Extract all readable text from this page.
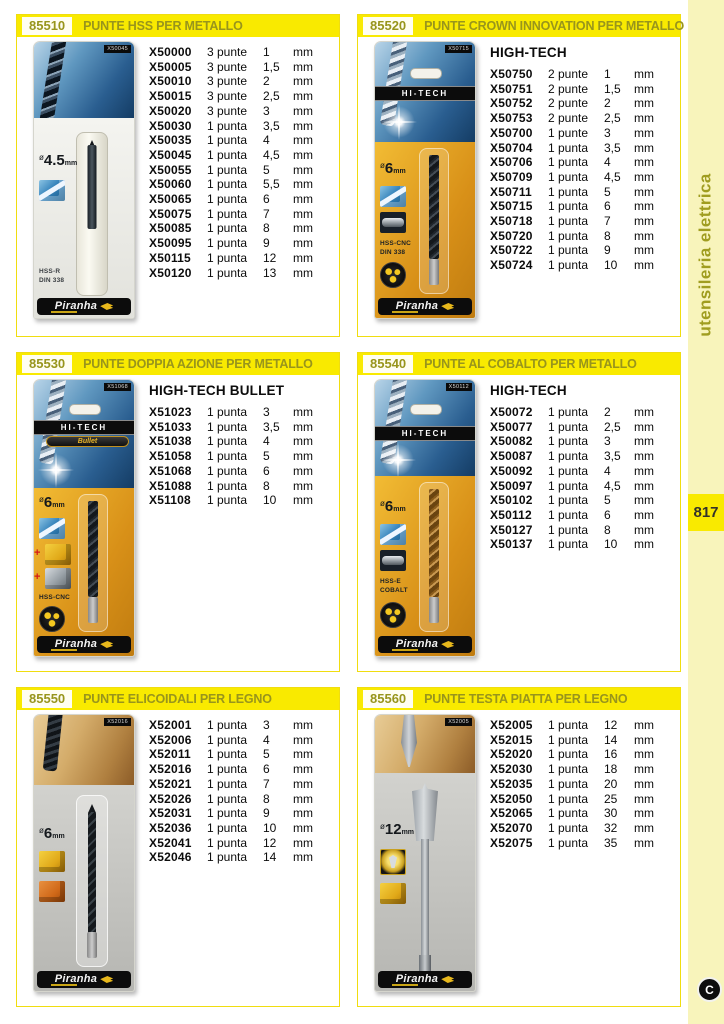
utensileria elettrica
817
C
85510	PUNTE HSS PER METALLO
X50045
$^ø$4.5mm
HSS-R
DIN 338
Piranha
X50000	3 punte	1	mm
X50005	3 punte	1,5	mm
X50010	3 punte	2	mm
X50015	3 punte	2,5	mm
X50020	3 punte	3	mm
X50030	1 punta	3,5	mm
X50035	1 punta	4	mm
X50045	1 punta	4,5	mm
X50055	1 punta	5	mm
X50060	1 punta	5,5	mm
X50065	1 punta	6	mm
X50075	1 punta	7	mm
X50085	1 punta	8	mm
X50095	1 punta	9	mm
X50115	1 punta	12	mm
X50120	1 punta	13	mm
85520	PUNTE CROWN INNOVATION PER METALLO
X50715
HI-TECH
$^ø$6mm
HSS-CNC
DIN 338
Piranha
HIGH-TECH
X50750	2 punte	1	mm
X50751	2 punte	1,5	mm
X50752	2 punte	2	mm
X50753	2 punte	2,5	mm
X50700	1 punte	3	mm
X50704	1 punta	3,5	mm
X50706	1 punta	4	mm
X50709	1 punta	4,5	mm
X50711	1 punta	5	mm
X50715	1 punta	6	mm
X50718	1 punta	7	mm
X50720	1 punta	8	mm
X50722	1 punta	9	mm
X50724	1 punta	10	mm
85530	PUNTE DOPPIA AZIONE PER METALLO
X51068
HI-TECH
Bullet
$^ø$6mm
+
+
HSS-CNC
Piranha
HIGH-TECH BULLET
X51023	1 punta	3	mm
X51033	1 punta	3,5	mm
X51038	1 punta	4	mm
X51058	1 punta	5	mm
X51068	1 punta	6	mm
X51088	1 punta	8	mm
X51108	1 punta	10	mm
85540	PUNTE AL COBALTO PER METALLO
X50112
HI-TECH
$^ø$6mm
HSS-E
COBALT
Piranha
HIGH-TECH
X50072	1 punta	2	mm
X50077	1 punta	2,5	mm
X50082	1 punta	3	mm
X50087	1 punta	3,5	mm
X50092	1 punta	4	mm
X50097	1 punta	4,5	mm
X50102	1 punta	5	mm
X50112	1 punta	6	mm
X50127	1 punta	8	mm
X50137	1 punta	10	mm
85550	PUNTE ELICOIDALI PER LEGNO
X52016
$^ø$6mm
Piranha
X52001	1 punta	3	mm
X52006	1 punta	4	mm
X52011	1 punta	5	mm
X52016	1 punta	6	mm
X52021	1 punta	7	mm
X52026	1 punta	8	mm
X52031	1 punta	9	mm
X52036	1 punta	10	mm
X52041	1 punta	12	mm
X52046	1 punta	14	mm
85560	PUNTE TESTA PIATTA PER LEGNO
X52005
$^ø$12mm
Piranha
X52005	1 punta	12	mm
X52015	1 punta	14	mm
X52020	1 punta	16	mm
X52030	1 punta	18	mm
X52035	1 punta	20	mm
X52050	1 punta	25	mm
X52065	1 punta	30	mm
X52070	1 punta	32	mm
X52075	1 punta	35	mm
